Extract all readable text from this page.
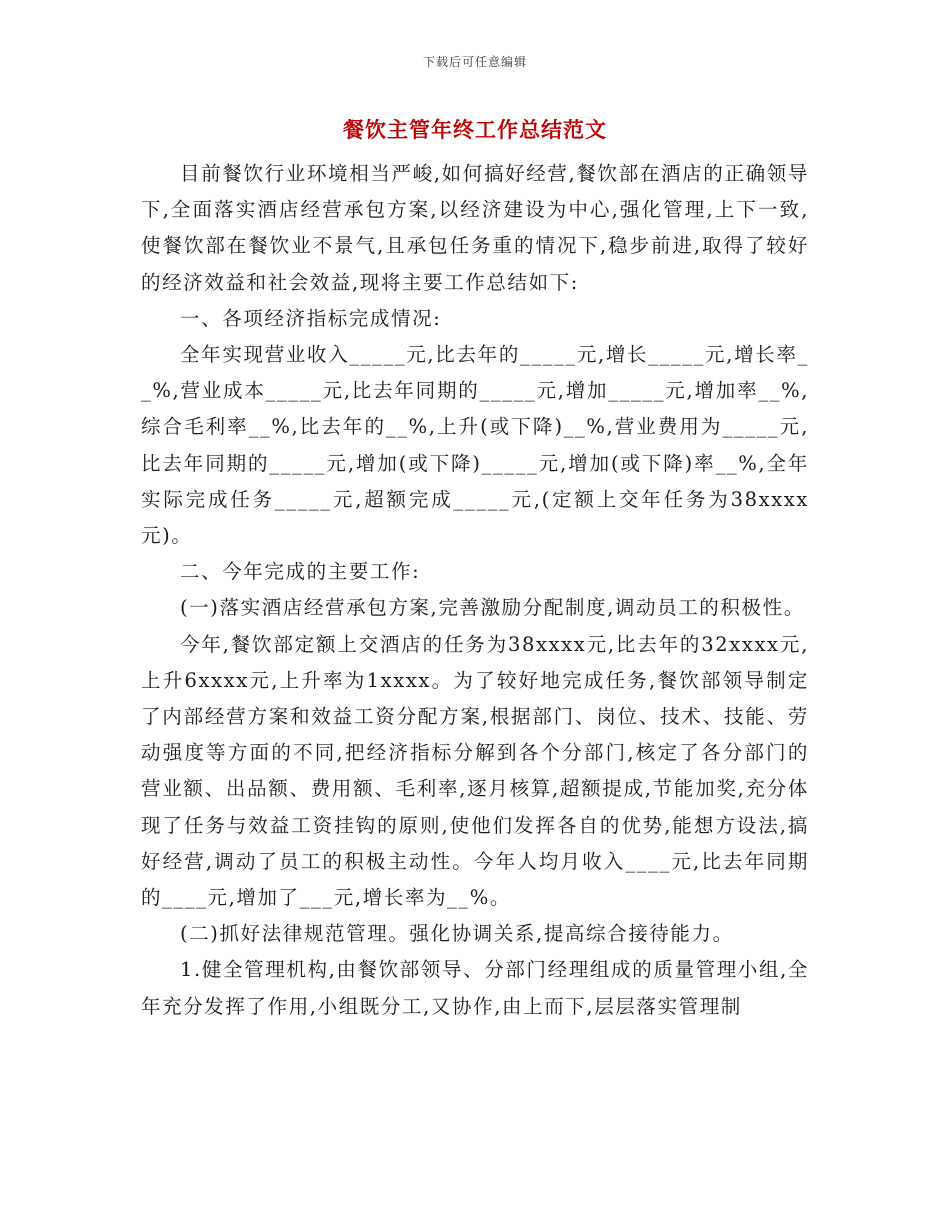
下载后可任意编辑
餐饮主管年终工作总结范文

目前餐饮行业环境相当严峻,如何搞好经营,餐饮部在酒店的正确领导下,全面落实酒店经营承包方案,以经济建设为中心,强化管理,上下一致,使餐饮部在餐饮业不景气,且承包任务重的情况下,稳步前进,取得了较好的经济效益和社会效益,现将主要工作总结如下:

一、各项经济指标完成情况:

全年实现营业收入_____元,比去年的_____元,增长_____元,增长率__%,营业成本_____元,比去年同期的_____元,增加_____元,增加率__%,综合毛利率__%,比去年的__%,上升(或下降)__%,营业费用为_____元,比去年同期的_____元,增加(或下降)_____元,增加(或下降)率__%,全年实际完成任务_____元,超额完成_____元,(定额上交年任务为38xxxx元)。

二、今年完成的主要工作:

(一)落实酒店经营承包方案,完善激励分配制度,调动员工的积极性。

今年,餐饮部定额上交酒店的任务为38xxxx元,比去年的32xxxx元,上升6xxxx元,上升率为1xxxx。为了较好地完成任务,餐饮部领导制定了内部经营方案和效益工资分配方案,根据部门、岗位、技术、技能、劳动强度等方面的不同,把经济指标分解到各个分部门,核定了各分部门的营业额、出品额、费用额、毛利率,逐月核算,超额提成,节能加奖,充分体现了任务与效益工资挂钩的原则,使他们发挥各自的优势,能想方设法,搞好经营,调动了员工的积极主动性。今年人均月收入____元,比去年同期的____元,增加了___元,增长率为__%。

(二)抓好法律规范管理。强化协调关系,提高综合接待能力。

1.健全管理机构,由餐饮部领导、分部门经理组成的质量管理小组,全年充分发挥了作用,小组既分工,又协作,由上而下,层层落实管理制
